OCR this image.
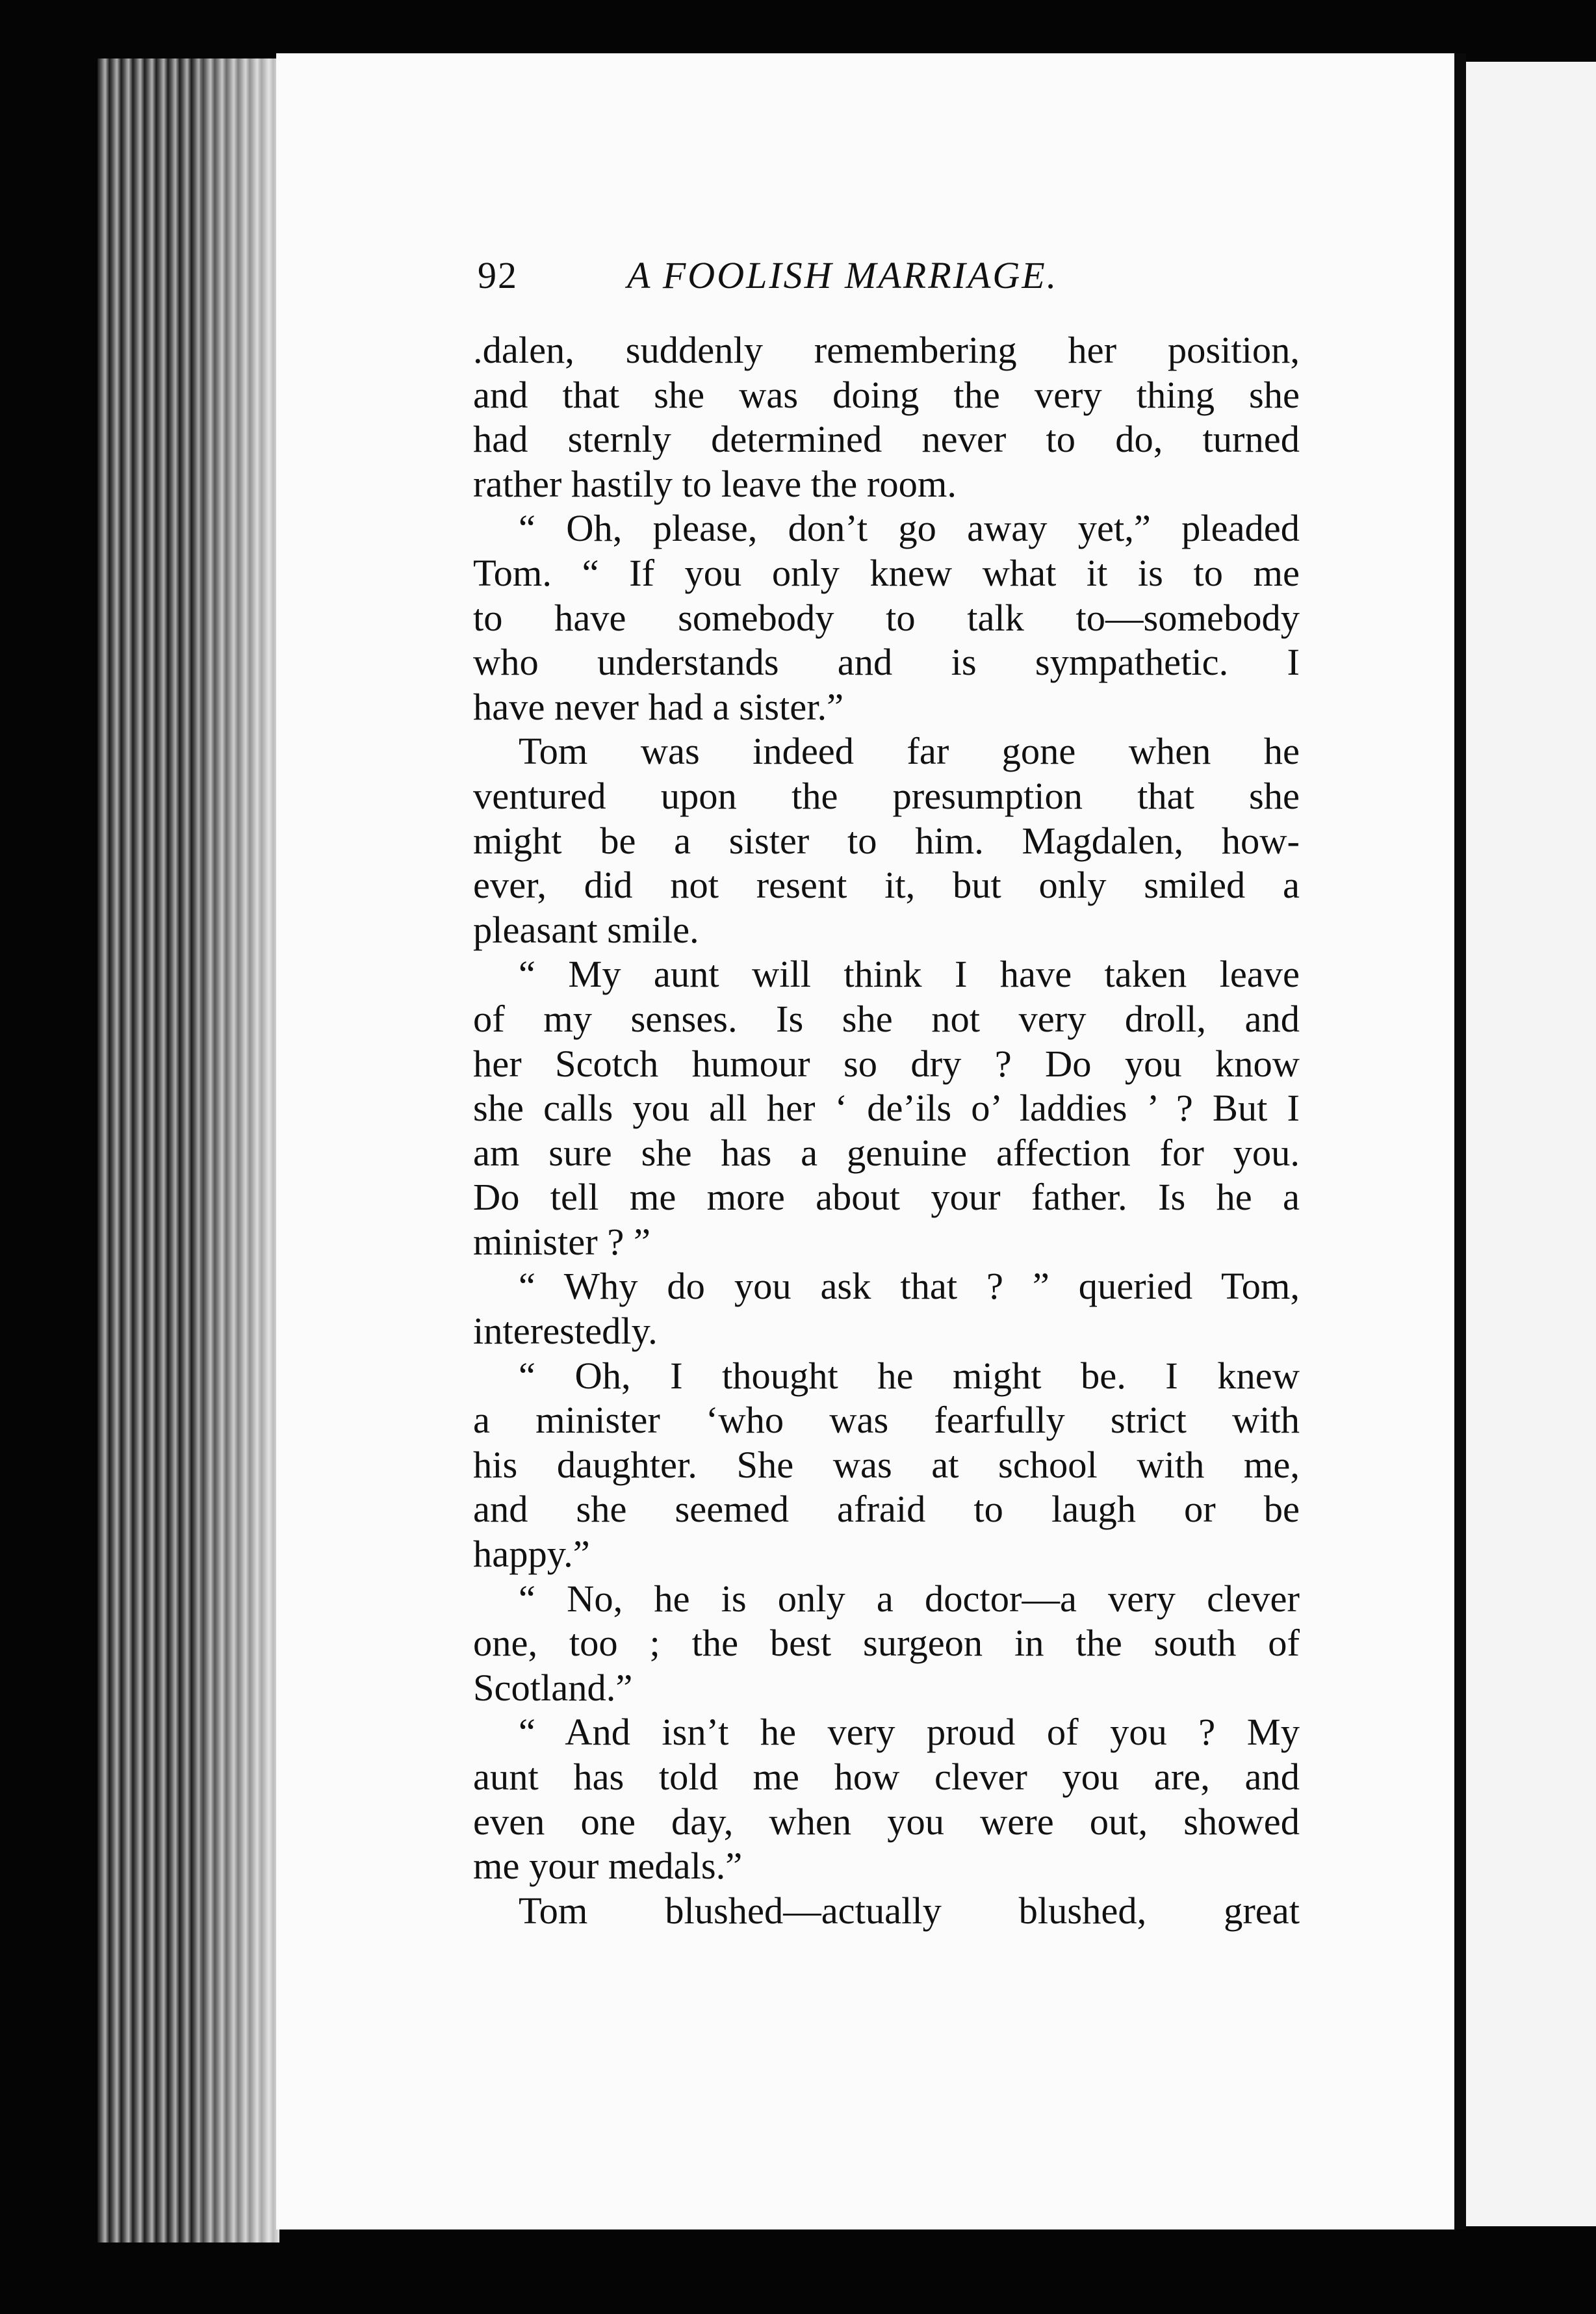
92	A FOOLISH MARRIAGE.
.dalen, suddenly remembering her position,
and that she was doing the very thing she
had sternly determined never to do, turned
rather hastily to leave the room.
“ Oh, please, don’t go away yet,” pleaded
Tom. “ If you only knew what it is to me
to have somebody to talk to—somebody
who understands and is sympathetic. I
have never had a sister.”
Tom was indeed far gone when he
ventured upon the presumption that she
might be a sister to him. Magdalen, how-
ever, did not resent it, but only smiled a
pleasant smile.
“ My aunt will think I have taken leave
of my senses. Is she not very droll, and
her Scotch humour so dry ? Do you know
she calls you all her ‘ de’ils o’ laddies ’ ? But I
am sure she has a genuine affection for you.
Do tell me more about your father. Is he a
minister ? ”
“ Why do you ask that ? ” queried Tom,
interestedly.
“ Oh, I thought he might be. I knew
a minister ‘who was fearfully strict with
his daughter. She was at school with me,
and she seemed afraid to laugh or be
happy.”
“ No, he is only a doctor—a very clever
one, too ; the best surgeon in the south of
Scotland.”
“ And isn’t he very proud of you ? My
aunt has told me how clever you are, and
even one day, when you were out, showed
me your medals.”
Tom blushed—actually blushed, great
